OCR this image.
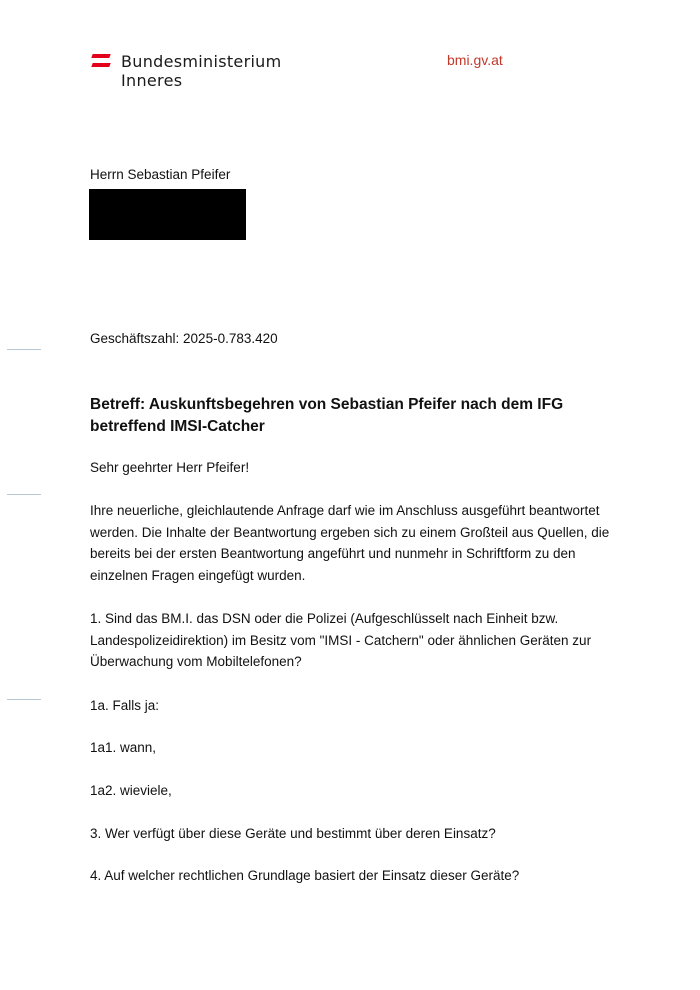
Bundesministerium
Inneres
bmi.gv.at
Herrn Sebastian Pfeifer
Geschäftszahl: 2025-0.783.420
Betreff: Auskunftsbegehren von Sebastian Pfeifer nach dem IFG betreffend IMSI-Catcher

Sehr geehrter Herr Pfeifer!

Ihre neuerliche, gleichlautende Anfrage darf wie im Anschluss ausgeführt beantwortet werden. Die Inhalte der Beantwortung ergeben sich zu einem Großteil aus Quellen, die bereits bei der ersten Beantwortung angeführt und nunmehr in Schriftform zu den einzelnen Fragen eingefügt wurden.

1. Sind das BM.I. das DSN oder die Polizei (Aufgeschlüsselt nach Einheit bzw. Landespolizeidirektion) im Besitz vom "IMSI - Catchern" oder ähnlichen Geräten zur Überwachung vom Mobiltelefonen?

1a. Falls ja:

1a1. wann,

1a2. wieviele,

3. Wer verfügt über diese Geräte und bestimmt über deren Einsatz?

4. Auf welcher rechtlichen Grundlage basiert der Einsatz dieser Geräte?
